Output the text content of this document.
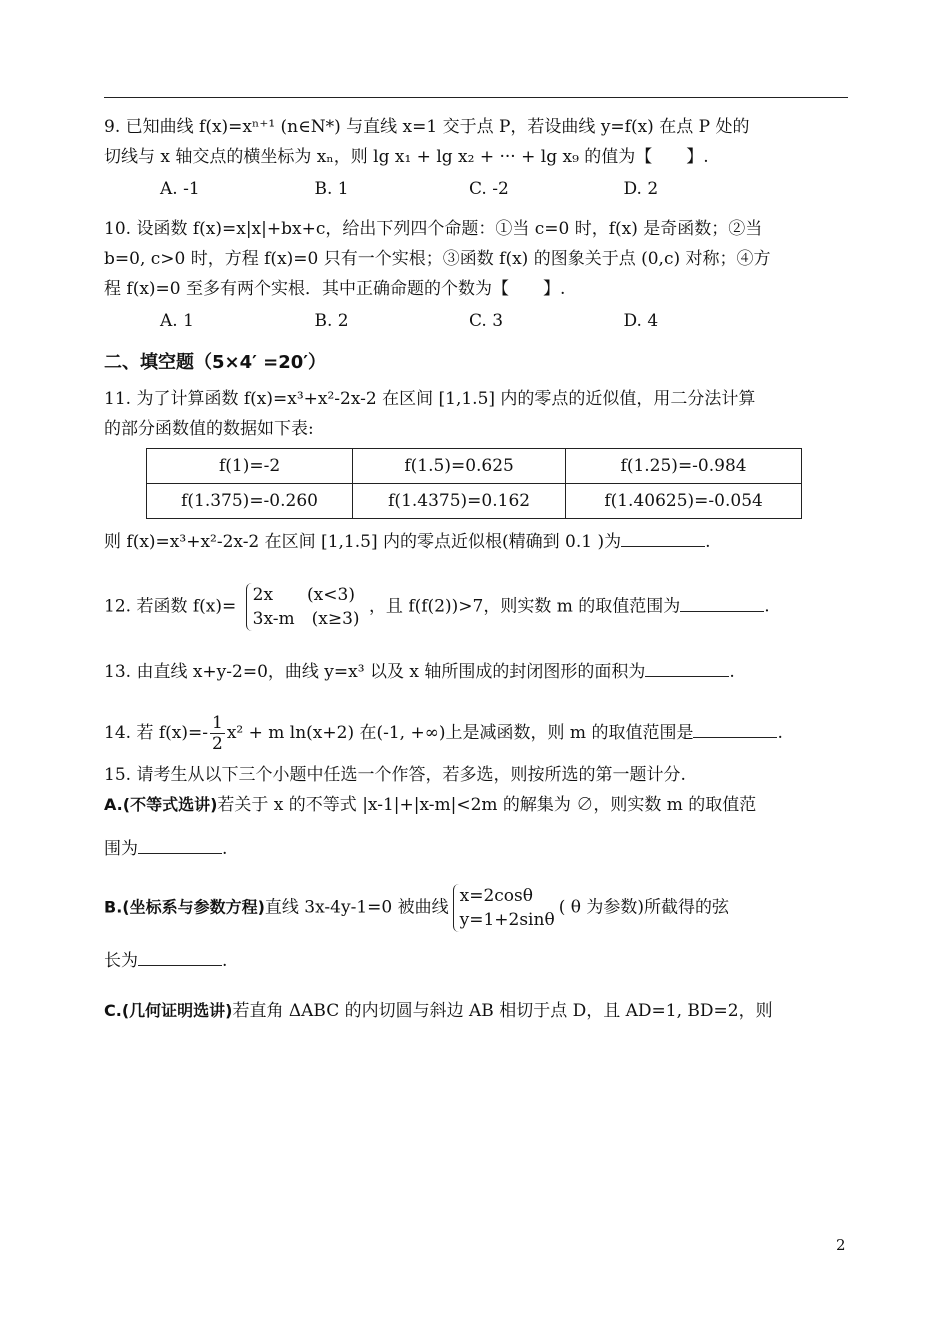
9. 已知曲线 f(x)=xⁿ⁺¹ (n∈N*) 与直线 x=1 交于点 P，若设曲线 y=f(x) 在点 P 处的

切线与 x 轴交点的横坐标为 xₙ，则 lg x₁ + lg x₂ + ··· + lg x₉ 的值为【　　】.

A. -1	B. 1	C. -2	D. 2

10. 设函数 f(x)=x|x|+bx+c，给出下列四个命题：①当 c=0 时，f(x) 是奇函数；②当

b=0, c>0 时，方程 f(x)=0 只有一个实根；③函数 f(x) 的图象关于点 (0,c) 对称；④方

程 f(x)=0 至多有两个实根．其中正确命题的个数为【　　】.

A. 1	B. 2	C. 3	D. 4
二、填空题（5×4′ =20′）

11. 为了计算函数 f(x)=x³+x²-2x-2 在区间 [1,1.5] 内的零点的近似值，用二分法计算

的部分函数值的数据如下表:

f(1)=-2	f(1.5)=0.625	f(1.25)=-0.984
f(1.375)=-0.260	f(1.4375)=0.162	f(1.40625)=-0.054

则 f(x)=x³+x²-2x-2 在区间 [1,1.5] 内的零点近似根(精确到 0.1 )为	.

12. 若函数 f(x)=
2x　　(x<3)
3x-m　(x≥3)
，且 f(f(2))>7，则实数 m 的取值范围为	.

13. 由直线 x+y-2=0，曲线 y=x³ 以及 x 轴所围成的封闭图形的面积为	.

14. 若 $f(x)=- \frac{1}{2} x^2 + m$ ln(x+2) 在(-1, +∞)上是减函数，则 m 的取值范围是	.

15. 请考生从以下三个小题中任选一个作答，若多选，则按所选的第一题计分.

A.(不等式选讲)若关于 x 的不等式 |x-1|+|x-m|<2m 的解集为 ∅，则实数 m 的取值范

围为	.

B.(坐标系与参数方程)直线 3x-4y-1=0 被曲线
x=2cosθ
y=1+2sinθ
( θ 为参数)所截得的弦

长为	.

C.(几何证明选讲)若直角 ΔABC 的内切圆与斜边 AB 相切于点 D，且 AD=1, BD=2，则

2
